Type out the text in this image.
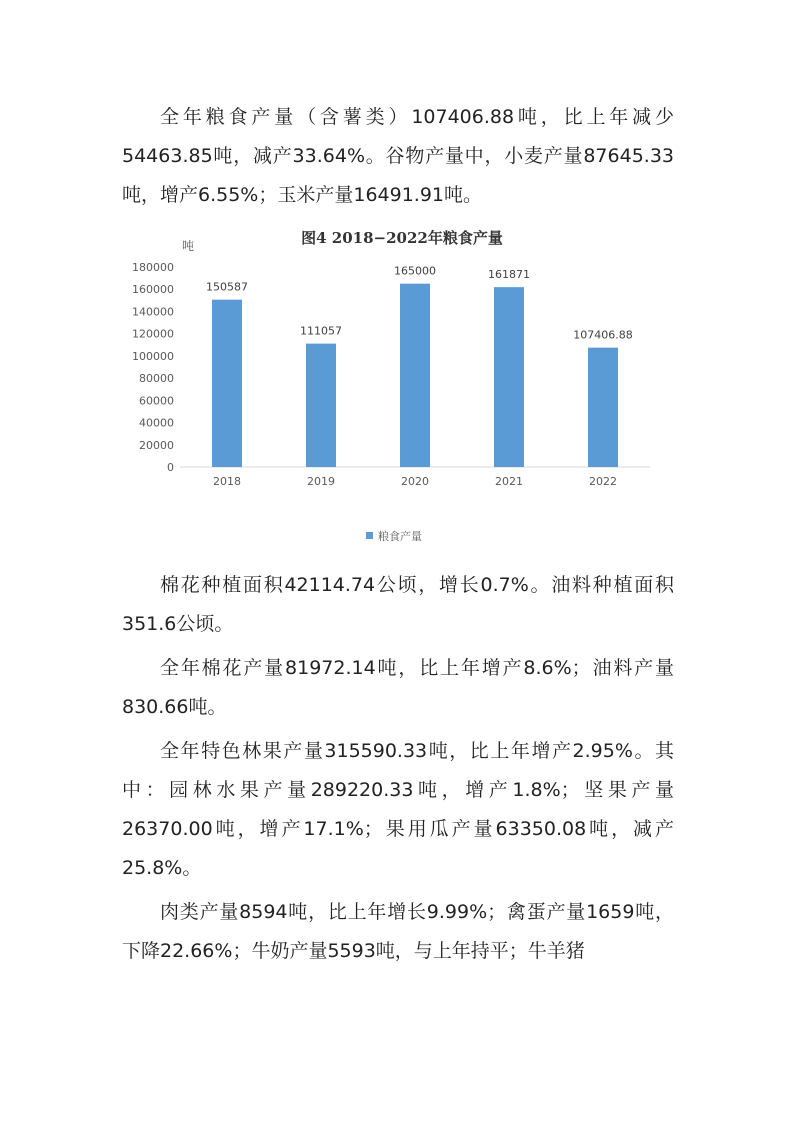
全年粮食产量（含薯类）107406.88吨，比上年减少54463.85吨，减产33.64%。谷物产量中，小麦产量87645.33吨，增产6.55%；玉米产量16491.91吨。

图4 2018−2022年粮食产量
吨
0
20000
40000
60000
80000
100000
120000
140000
160000
180000
150587
2018
111057
2019
165000
2020
161871
2021
107406.88
2022
粮食产量

棉花种植面积42114.74公顷，增长0.7%。油料种植面积351.6公顷。

全年棉花产量81972.14吨，比上年增产8.6%；油料产量830.66吨。

全年特色林果产量315590.33吨，比上年增产2.95%。其中：园林水果产量289220.33吨，增产1.8%；坚果产量26370.00吨，增产17.1%；果用瓜产量63350.08吨，减产25.8%。

肉类产量8594吨，比上年增长9.99%；禽蛋产量1659吨，下降22.66%；牛奶产量5593吨，与上年持平；牛羊猪
